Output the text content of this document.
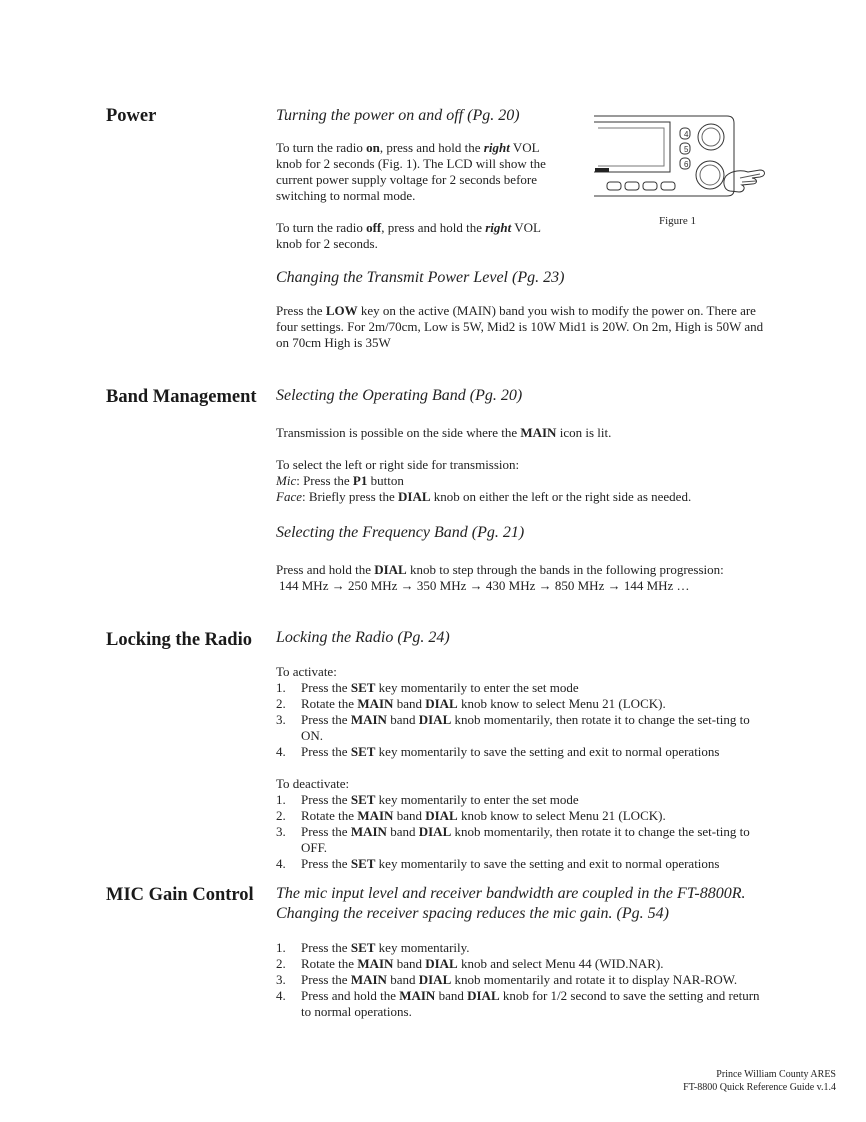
Power	Turning the power on and off (Pg. 20)
To turn the radio on, press and hold the right VOL knob for 2 seconds (Fig. 1). The LCD will show the current power supply voltage for 2 seconds before switching to normal mode.
To turn the radio off, press and hold the right VOL knob for 2 seconds.
4
5
6
Figure 1
Changing the Transmit Power Level (Pg. 23)
Press the LOW key on the active (MAIN) band you wish to modify the power on. There are four settings. For 2m/70cm, Low is 5W, Mid2 is 10W Mid1 is 20W. On 2m, High is 50W and on 70cm High is 35W
Band Management Selecting the Operating Band (Pg. 20)
Transmission is possible on the side where the MAIN icon is lit.
To select the left or right side for transmission:
Mic: Press the P1 button
Face: Briefly press the DIAL knob on either the left or the right side as needed.
Selecting the Frequency Band (Pg. 21)
Press and hold the DIAL knob to step through the bands in the following progression:
144 MHz → 250 MHz → 350 MHz → 430 MHz → 850 MHz → 144 MHz …
Locking the Radio Locking the Radio (Pg. 24)
To activate:
1. Press the SET key momentarily to enter the set mode
2. Rotate the MAIN band DIAL knob know to select Menu 21 (LOCK).
3. Press the MAIN band DIAL knob momentarily, then rotate it to change the set-ting to ON.
4. Press the SET key momentarily to save the setting and exit to normal operations
To deactivate:
1. Press the SET key momentarily to enter the set mode
2. Rotate the MAIN band DIAL knob know to select Menu 21 (LOCK).
3. Press the MAIN band DIAL knob momentarily, then rotate it to change the set-ting to OFF.
4. Press the SET key momentarily to save the setting and exit to normal operations
MIC Gain Control The mic input level and receiver bandwidth are coupled in the FT-8800R. Changing the receiver spacing reduces the mic gain. (Pg. 54)
1. Press the SET key momentarily.
2. Rotate the MAIN band DIAL knob and select Menu 44 (WID.NAR).
3. Press the MAIN band DIAL knob momentarily and rotate it to display NAR-ROW.
4. Press and hold the MAIN band DIAL knob for 1/2 second to save the setting and return to normal operations.
Prince William County ARES
FT-8800 Quick Reference Guide v.1.4
